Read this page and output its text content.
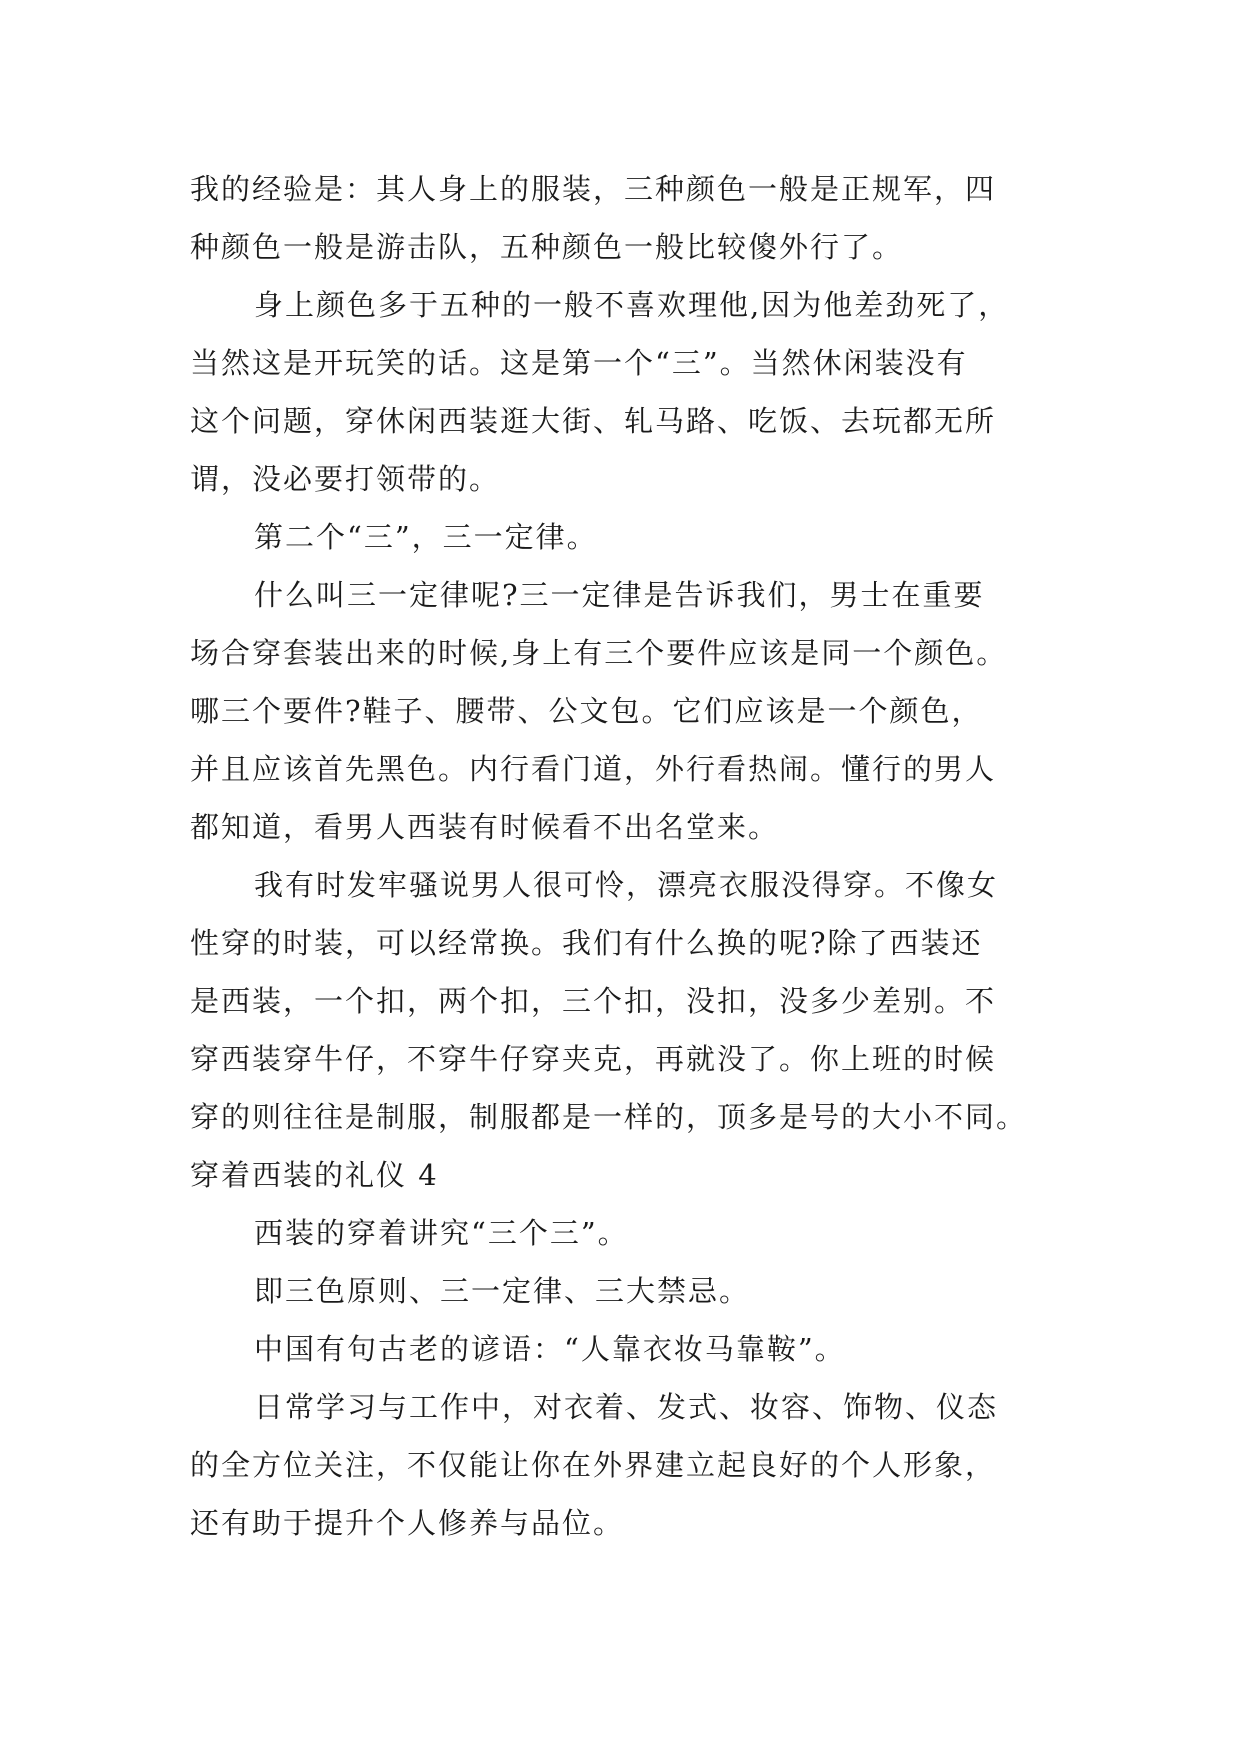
我的经验是：其人身上的服装，三种颜色一般是正规军，四

种颜色一般是游击队，五种颜色一般比较傻外行了。

身上颜色多于五种的一般不喜欢理他,因为他差劲死了，

当然这是开玩笑的话。这是第一个“三”。当然休闲装没有

这个问题，穿休闲西装逛大街、轧马路、吃饭、去玩都无所

谓，没必要打领带的。

第二个“三”，三一定律。

什么叫三一定律呢?三一定律是告诉我们，男士在重要

场合穿套装出来的时候,身上有三个要件应该是同一个颜色。

哪三个要件?鞋子、腰带、公文包。它们应该是一个颜色，

并且应该首先黑色。内行看门道，外行看热闹。懂行的男人

都知道，看男人西装有时候看不出名堂来。

我有时发牢骚说男人很可怜，漂亮衣服没得穿。不像女

性穿的时装，可以经常换。我们有什么换的呢?除了西装还

是西装，一个扣，两个扣，三个扣，没扣，没多少差别。不

穿西装穿牛仔，不穿牛仔穿夹克，再就没了。你上班的时候

穿的则往往是制服，制服都是一样的，顶多是号的大小不同。

穿着西装的礼仪 4

西装的穿着讲究“三个三”。

即三色原则、三一定律、三大禁忌。

中国有句古老的谚语：“人靠衣妆马靠鞍”。

日常学习与工作中，对衣着、发式、妆容、饰物、仪态

的全方位关注，不仅能让你在外界建立起良好的个人形象，

还有助于提升个人修养与品位。
